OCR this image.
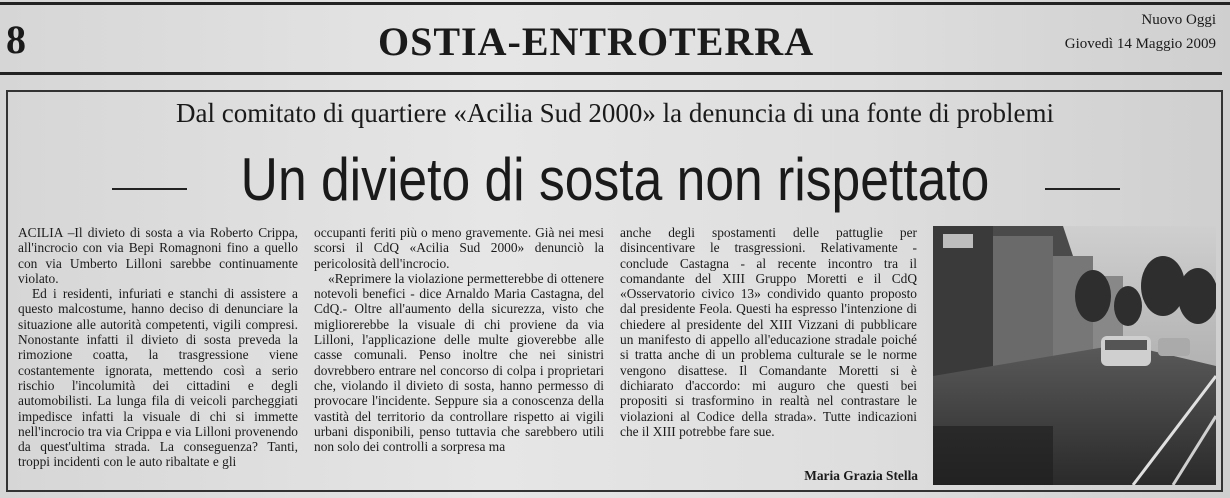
8	OSTIA-ENTROTERRA	Nuovo Oggi
Giovedì 14 Maggio 2009
Dal comitato di quartiere «Acilia Sud 2000» la denuncia di una fonte di problemi
Un divieto di sosta non rispettato

ACILIA –Il divieto di sosta a via Roberto Crippa, all'incrocio con via Bepi Romagnoni fino a quello con via Umberto Lilloni sarebbe continuamente violato.

Ed i residenti, infuriati e stanchi di assistere a questo malcostume, hanno deciso di denunciare la situazione alle autorità competenti, vigili compresi. Nonostante infatti il divieto di sosta preveda la rimozione coatta, la trasgressione viene costantemente ignorata, mettendo così a serio rischio l'incolumità dei cittadini e degli automobilisti. La lunga fila di veicoli parcheggiati impedisce infatti la visuale di chi si immette nell'incrocio tra via Crippa e via Lilloni provenendo da quest'ultima strada. La conseguenza? Tanti, troppi incidenti con le auto ribaltate e gli

occupanti feriti più o meno gravemente. Già nei mesi scorsi il CdQ «Acilia Sud 2000» denunciò la pericolosità dell'incrocio.

«Reprimere la violazione permetterebbe di ottenere notevoli benefici - dice Arnaldo Maria Castagna, del CdQ.- Oltre all'aumento della sicurezza, visto che migliorerebbe la visuale di chi proviene da via Lilloni, l'applicazione delle multe gioverebbe alle casse comunali. Penso inoltre che nei sinistri dovrebbero entrare nel concorso di colpa i proprietari che, violando il divieto di sosta, hanno permesso di provocare l'incidente. Seppure sia a conoscenza della vastità del territorio da controllare rispetto ai vigili urbani disponibili, penso tuttavia che sarebbero utili non solo dei controlli a sorpresa ma

anche degli spostamenti delle pattuglie per disincentivare le trasgressioni. Relativamente - conclude Castagna - al recente incontro tra il comandante del XIII Gruppo Moretti e il CdQ «Osservatorio civico 13» condivido quanto proposto dal presidente Feola. Questi ha espresso l'intenzione di chiedere al presidente del XIII Vizzani di pubblicare un manifesto di appello all'educazione stradale poiché si tratta anche di un problema culturale se le norme vengono disattese. Il Comandante Moretti si è dichiarato d'accordo: mi auguro che questi bei propositi si trasformino in realtà nel contrastare le violazioni al Codice della strada». Tutte indicazioni che il XIII potrebbe fare sue.

Maria Grazia Stella
